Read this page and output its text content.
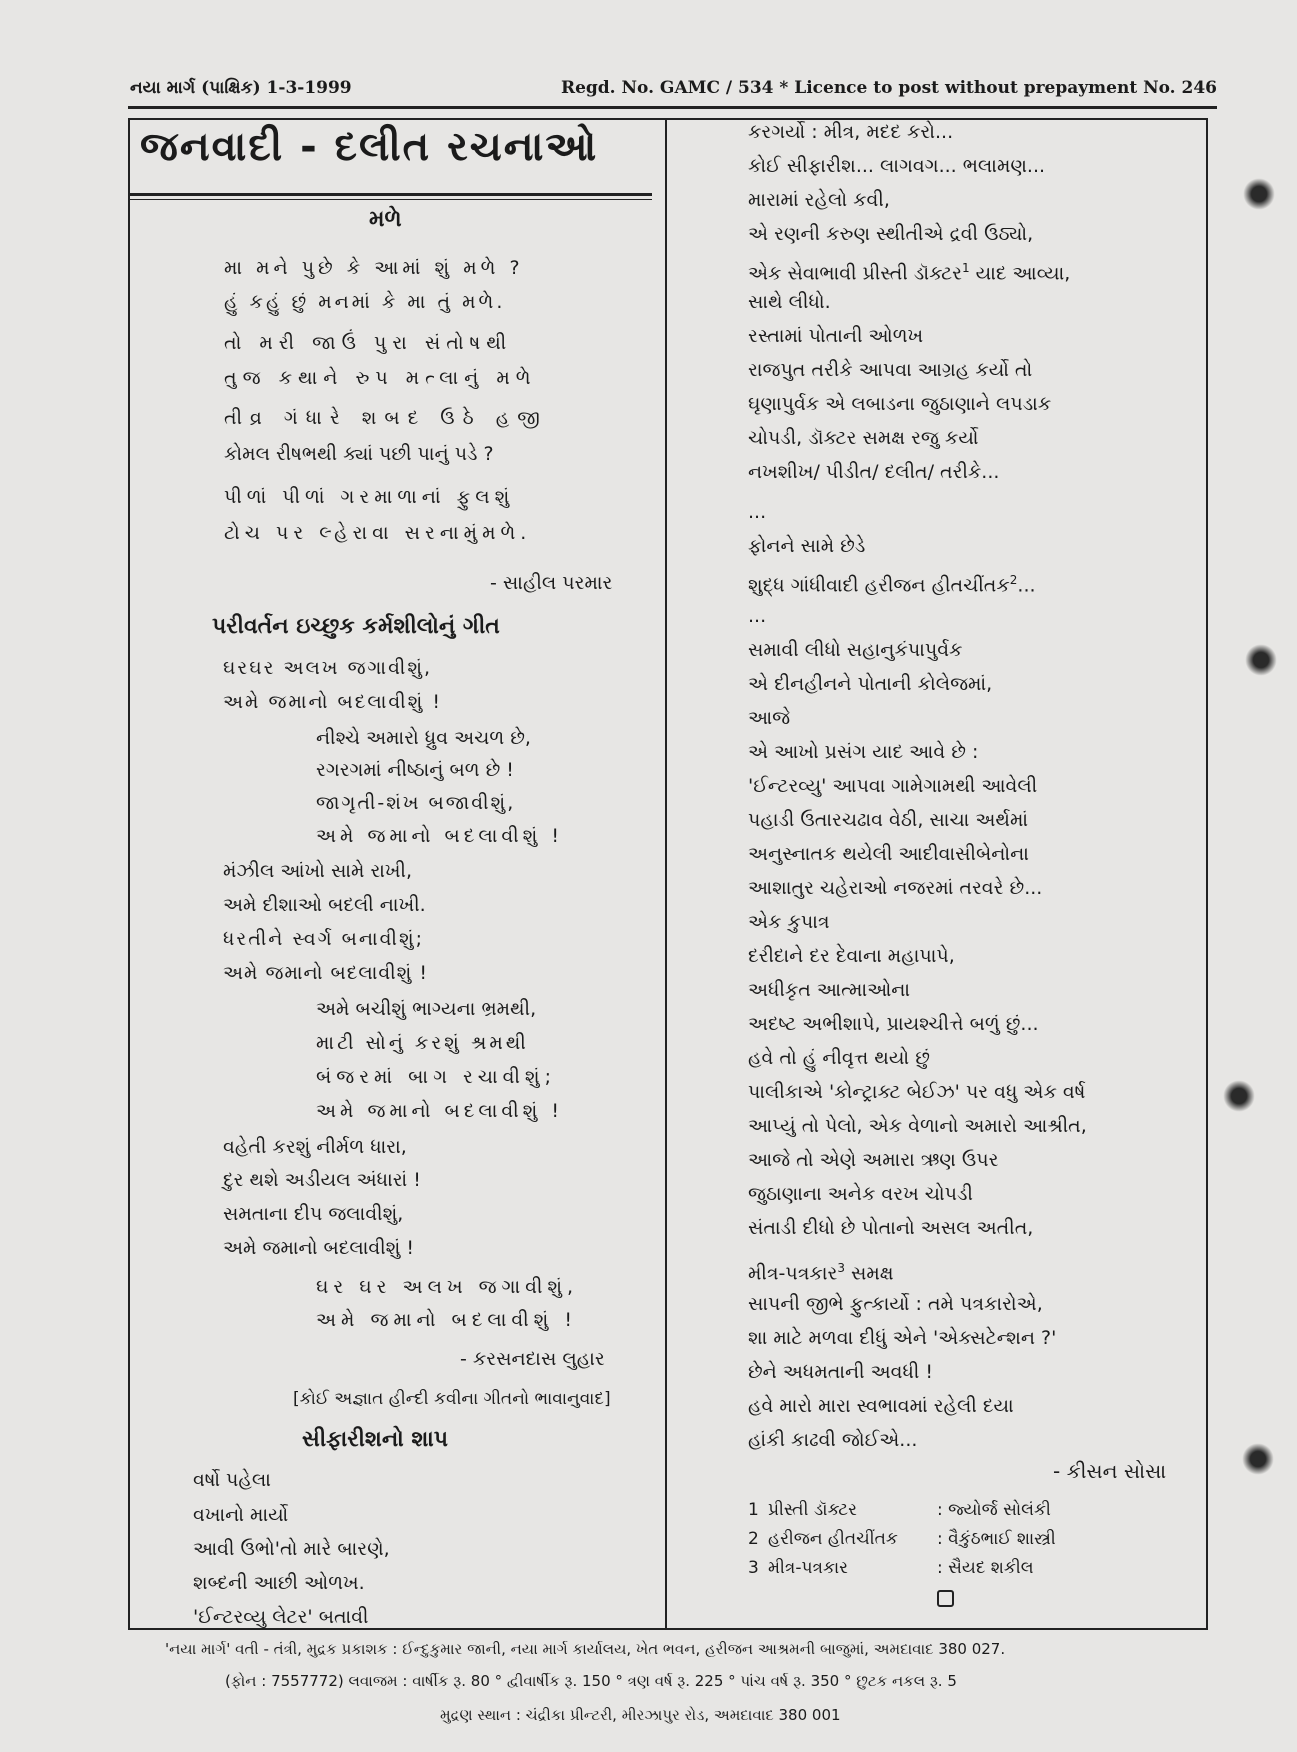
નયા માર્ગ (પાક્ષિક) 1-3-1999	Regd. No. GAMC / 534 * Licence to post without prepayment No. 246
જનવાદી - દલીત રચનાઓ
મળે
મા મને પુછે કે આમાં શું મળે ?
હું કહું છું મનમાં કે મા તું મળે.
તો મરી જાઉં પુરા સંતોષથી
તુજ કથાને રુપ મત્લાનું મળે
તીવ્ર ગંધારે શબદ ઉઠે હજી
કોમલ રીષભથી ક્યાં પછી પાનું પડે ?
પીળાં પીળાં ગરમાળાનાં ફુલશું
ટોચ પર લ્હેરાવા સરનામુંમળે.
- સાહીલ પરમાર
પરીવર્તન ઇચ્છુક કર્મશીલોનું ગીત
ઘરઘર અલખ જગાવીશું,
અમે જમાનો બદલાવીશું !
નીશ્ચે અમારો ધ્રુવ અચળ છે,
રગરગમાં નીષ્ઠાનું બળ છે !
જાગૃતી-શંખ બજાવીશું,
અમે જમાનો બદલાવીશું !
મંઝીલ આંખો સામે રાખી,
અમે દીશાઓ બદલી નાખી.
ધરતીને સ્વર્ગ બનાવીશું;
અમે જમાનો બદલાવીશું !
અમે બચીશું ભાગ્યના ભ્રમથી,
માટી સોનું કરશું શ્રમથી
બંજરમાં બાગ રચાવીશું;
અમે જમાનો બદલાવીશું !
વહેતી કરશું નીર્મળ ધારા,
દુર થશે અડીયલ અંધારાં !
સમતાના દીપ જલાવીશું,
અમે જમાનો બદલાવીશું !
ઘર ઘર અલખ જગાવીશું,
અમે જમાનો બદલાવીશું !
- કરસનદાસ લુહાર
[કોઈ અજ્ઞાત હીન્દી કવીના ગીતનો ભાવાનુવાદ]
સીફારીશનો શાપ
વર્ષો પહેલા
વખાનો માર્યો
આવી ઉભો'તો મારે બારણે,
શબ્દની આછી ઓળખ.
'ઈન્ટરવ્યુ લેટર' બતાવી
કરગર્યો : મીત્ર, મદદ કરો...
કોઈ સીફારીશ... લાગવગ... ભલામણ...
મારામાં રહેલો કવી,
એ રણની કરુણ સ્થીતીએ દ્રવી ઉઠ્યો,
એક સેવાભાવી પ્રીસ્તી ડૉક્ટર$^1$ યાદ આવ્યા,
સાથે લીધો.
રસ્તામાં પોતાની ઓળખ
રાજપુત તરીકે આપવા આગ્રહ કર્યો તો
ઘૃણાપુર્વક એ લબાડના જુઠાણાને લપડાક
ચોપડી, ડૉક્ટર સમક્ષ રજુ કર્યો
નખશીખ/ પીડીત/ દલીત/ તરીકે...
...
ફોનને સામે છેડે
શુદ્ધ ગાંધીવાદી હરીજન હીતચીંતક$^2$...
...
સમાવી લીધો સહાનુકંપાપુર્વક
એ દીનહીનને પોતાની કોલેજમાં,
આજે
એ આખો પ્રસંગ યાદ આવે છે :
'ઈન્ટરવ્યુ' આપવા ગામેગામથી આવેલી
પહાડી ઉતારચઢાવ વેઠી, સાચા અર્થમાં
અનુસ્નાતક થયેલી આદીવાસીબેનોના
આશાતુર ચહેરાઓ નજરમાં તરવરે છે...
એક કુપાત્ર
દરીદાને દર દેવાના મહાપાપે,
અધીકૃત આત્માઓના
અદષ્ટ અભીશાપે, પ્રાયશ્ચીત્તે બળું છું...
હવે તો હું નીવૃત્ત થયો છું
પાલીકાએ 'કોન્ટ્રાક્ટ બેઈઝ' પર વધુ એક વર્ષ
આપ્યું તો પેલો, એક વેળાનો અમારો આશ્રીત,
આજે તો એણે અમારા ઋણ ઉપર
જુઠાણાના અનેક વરખ ચોપડી
સંતાડી દીધો છે પોતાનો અસલ અતીત,
મીત્ર-પત્રકાર$^3$ સમક્ષ
સાપની જીભે ફુત્કાર્યો : તમે પત્રકારોએ,
શા માટે મળવા દીધું એને 'એક્સટેન્શન ?'
છેને અધમતાની અવધી !
હવે મારો મારા સ્વભાવમાં રહેલી દયા
હાંકી કાઢવી જોઈએ...
- કીસન સોસા
1 પ્રીસ્તી ડૉક્ટર	: જ્યોર્જ સોલંકી
2 હરીજન હીતચીંતક : વૈકુંઠભાઈ શાસ્ત્રી
3 મીત્ર-પત્રકાર	: સૈયદ શકીલ
'નયા માર્ગ' વતી - તંત્રી, મુદ્રક પ્રકાશક : ઈન્દુકુમાર જાની, નયા માર્ગ કાર્યાલય, ખેત ભવન, હરીજન આશ્રમની બાજુમાં, અમદાવાદ 380 027.
(ફોન : 7557772) લવાજમ : વાર્ષીક રૂ. 80 ° દ્વીવાર્ષીક રૂ. 150 ° ત્રણ વર્ષ રૂ. 225 ° પાંચ વર્ષ રૂ. 350 ° છુટક નકલ રૂ. 5
મુદ્રણ સ્થાન : ચંદ્રીકા પ્રીન્ટરી, મીરઝાપુર રોડ, અમદાવાદ 380 001
